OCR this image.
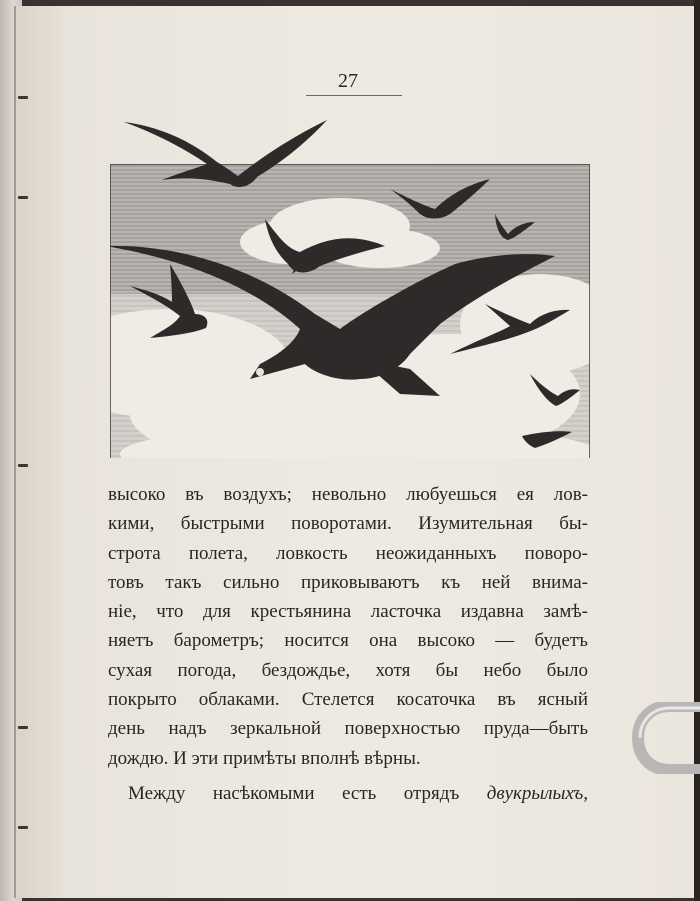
27
высоко въ воздухъ; невольно любуешься ея лов-
кими, быстрыми поворотами. Изумительная бы-
строта полета, ловкость неожиданныхъ поворо-
товъ такъ сильно приковываютъ къ ней внима-
нiе, что для крестьянина ласточка издавна замѣ-
няетъ барометръ; носится она высоко — будетъ
сухая погода, бездождье, хотя бы небо было
покрыто облаками. Стелется косаточка въ ясный
день надъ зеркальной поверхностью пруда—быть
дождю. И эти примѣты вполнѣ вѣрны.
Между насѣкомыми есть отрядъ двукрылыхъ,
